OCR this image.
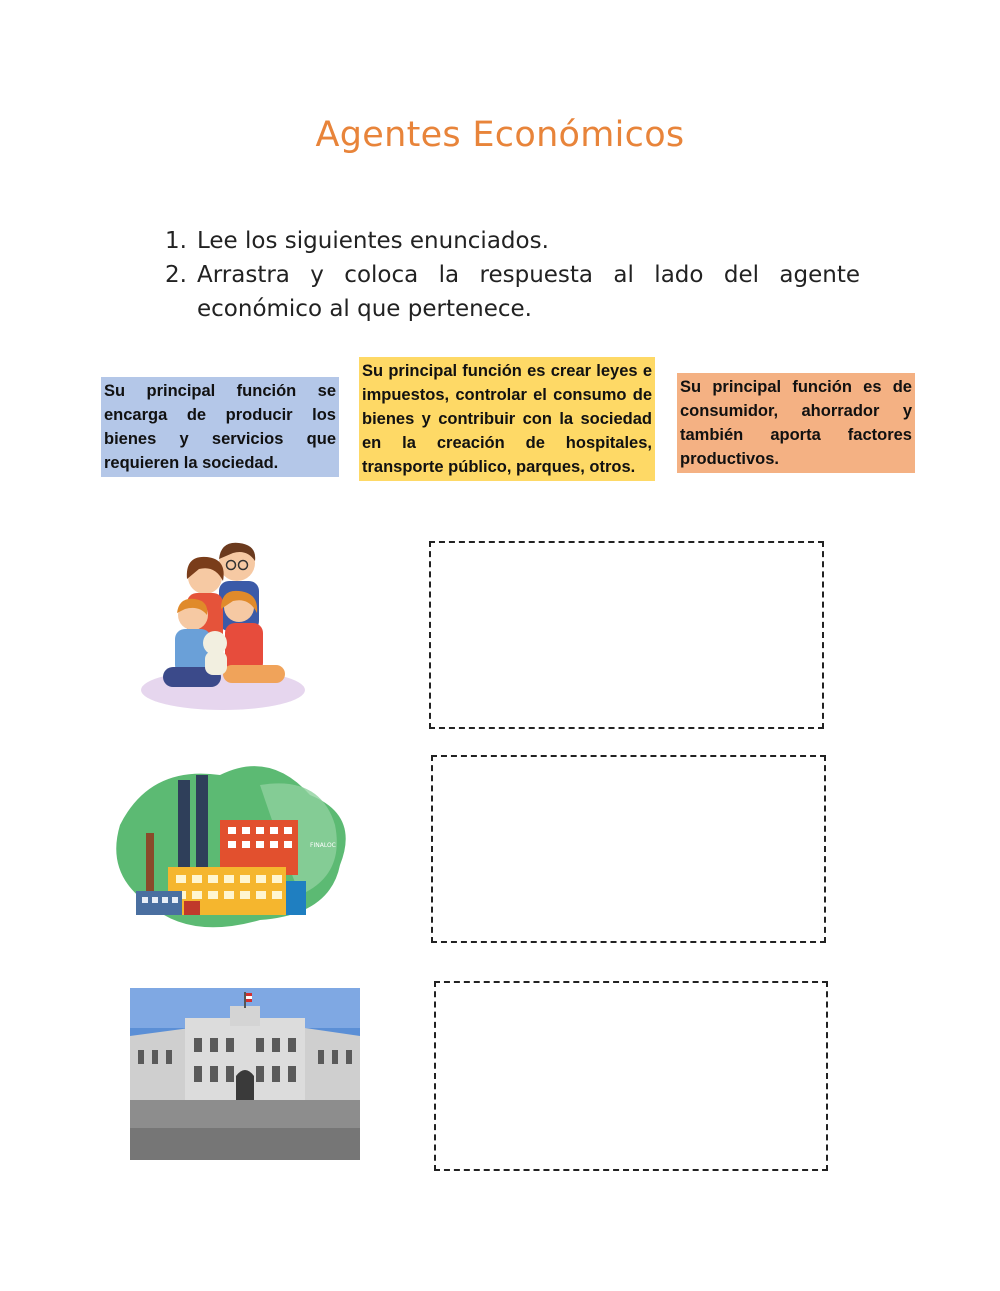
Agentes Económicos
1. Lee los siguientes enunciados.
2. Arrastra y coloca la respuesta al lado del agente económico al que pertenece.
Su principal función se encarga de producir los bienes y servicios que requieren la sociedad.
Su principal función es crear leyes e impuestos, controlar el consumo de bienes y contribuir con la sociedad en la creación de hospitales, transporte público, parques, otros.
Su principal función es de consumidor, ahorrador y también aporta factores productivos.
FINALOC
